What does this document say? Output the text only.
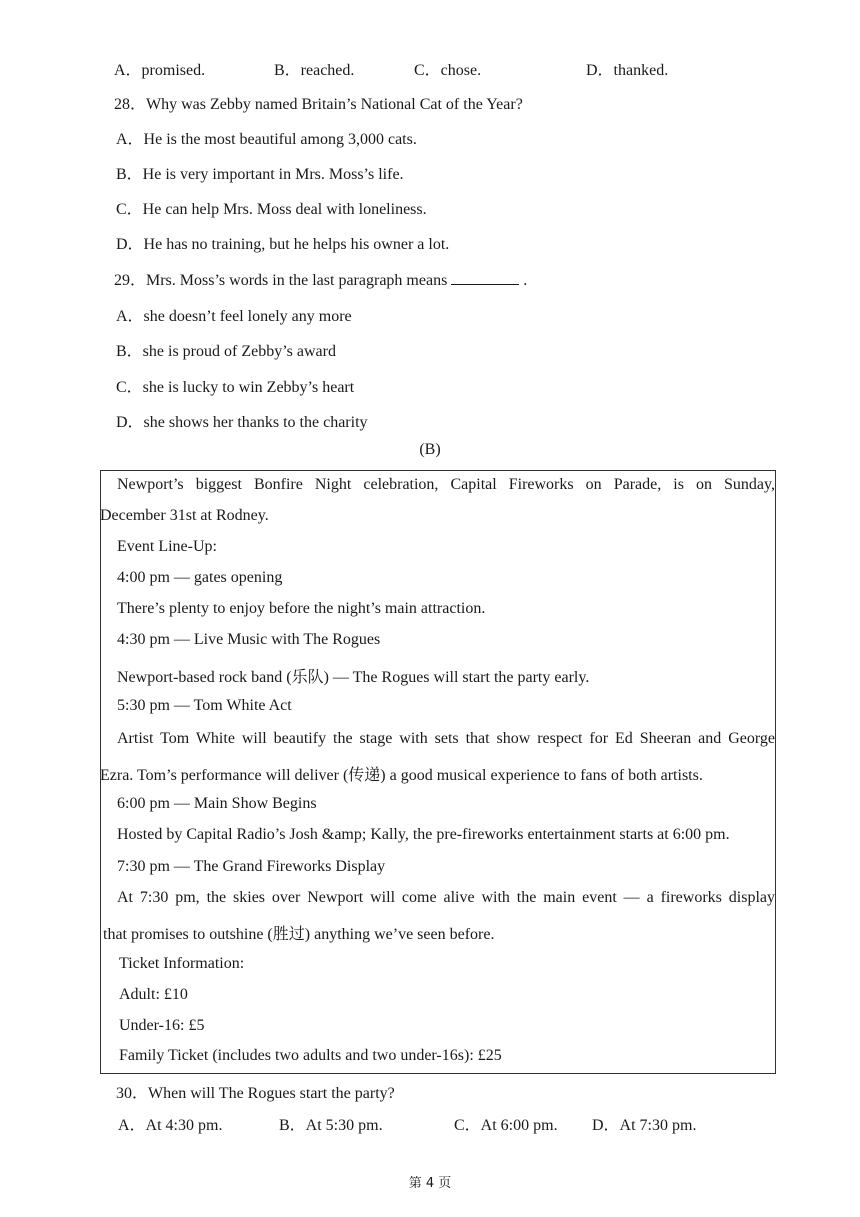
A．promised.	B．reached.	C．chose.	D．thanked.
28．Why was Zebby named Britain’s National Cat of the Year?
A．He is the most beautiful among 3,000 cats.
B．He is very important in Mrs. Moss’s life.
C．He can help Mrs. Moss deal with loneliness.
D．He has no training, but he helps his owner a lot.
29．Mrs. Moss’s words in the last paragraph means	.
A．she doesn’t feel lonely any more
B．she is proud of Zebby’s award
C．she is lucky to win Zebby’s heart
D．she shows her thanks to the charity
(B)
Newport’s biggest Bonfire Night celebration, Capital Fireworks on Parade, is on Sunday,
December 31st at Rodney.
Event Line-Up:
4:00 pm — gates opening
There’s plenty to enjoy before the night’s main attraction.
4:30 pm — Live Music with The Rogues
Newport-based rock band (乐队) — The Rogues will start the party early.
5:30 pm — Tom White Act
Artist Tom White will beautify the stage with sets that show respect for Ed Sheeran and George
Ezra. Tom’s performance will deliver (传递) a good musical experience to fans of both artists.
6:00 pm — Main Show Begins
Hosted by Capital Radio’s Josh &amp; Kally, the pre-fireworks entertainment starts at 6:00 pm.
7:30 pm — The Grand Fireworks Display
At 7:30 pm, the skies over Newport will come alive with the main event — a fireworks display
that promises to outshine (胜过) anything we’ve seen before.
Ticket Information:
Adult: £10
Under-16: £5
Family Ticket (includes two adults and two under-16s): £25
30．When will The Rogues start the party?
A．At 4:30 pm.	B．At 5:30 pm.	C．At 6:00 pm. D．At 7:30 pm.
第 4 页
